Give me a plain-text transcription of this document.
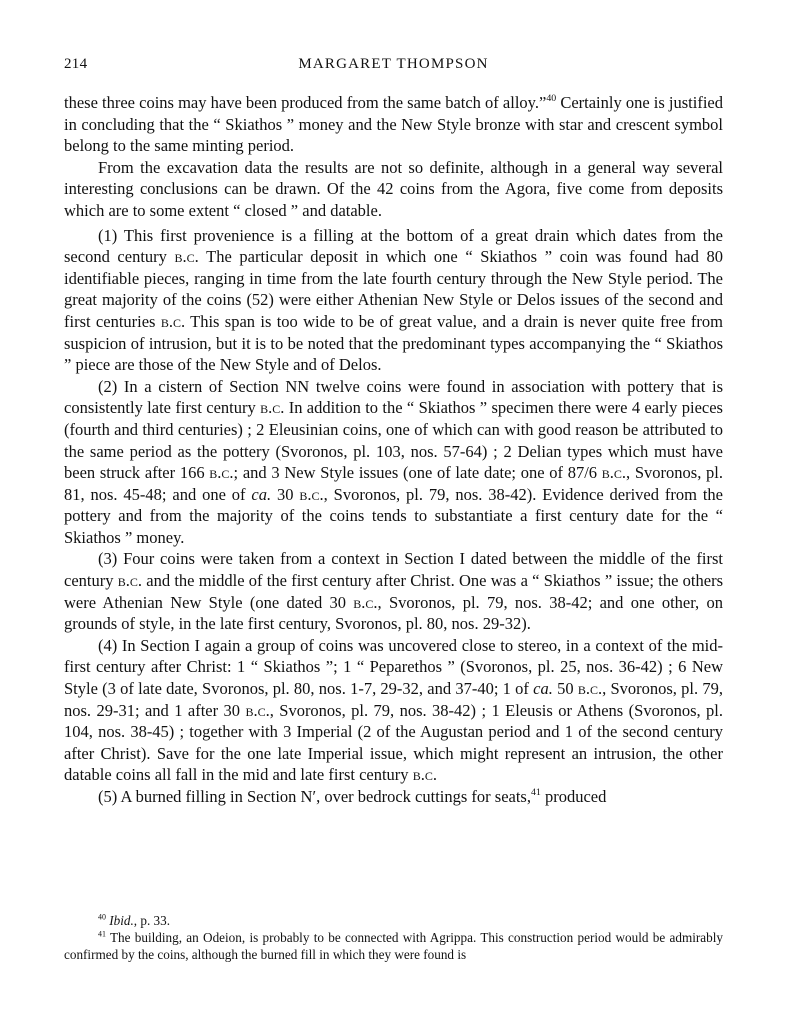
214	MARGARET THOMPSON

these three coins may have been produced from the same batch of alloy.”$^{40}$ Certainly one is justified in concluding that the “ Skiathos ” money and the New Style bronze with star and crescent symbol belong to the same minting period.

From the excavation data the results are not so definite, although in a general way several interesting conclusions can be drawn. Of the 42 coins from the Agora, five come from deposits which are to some extent “ closed ” and datable.

(1) This first provenience is a filling at the bottom of a great drain which dates from the second century b.c. The particular deposit in which one “ Skiathos ” coin was found had 80 identifiable pieces, ranging in time from the late fourth century through the New Style period. The great majority of the coins (52) were either Athenian New Style or Delos issues of the second and first centuries b.c. This span is too wide to be of great value, and a drain is never quite free from suspicion of intrusion, but it is to be noted that the predominant types accompanying the “ Skiathos ” piece are those of the New Style and of Delos.

(2) In a cistern of Section NN twelve coins were found in association with pottery that is consistently late first century b.c. In addition to the “ Skiathos ” specimen there were 4 early pieces (fourth and third centuries) ; 2 Eleusinian coins, one of which can with good reason be attributed to the same period as the pottery (Svoronos, pl. 103, nos. 57-64) ; 2 Delian types which must have been struck after 166 b.c.; and 3 New Style issues (one of late date; one of 87/6 b.c., Svoronos, pl. 81, nos. 45-48; and one of ca. 30 b.c., Svoronos, pl. 79, nos. 38-42). Evidence derived from the pottery and from the majority of the coins tends to substantiate a first century date for the “ Skiathos ” money.

(3) Four coins were taken from a context in Section I dated between the middle of the first century b.c. and the middle of the first century after Christ. One was a “ Skiathos ” issue; the others were Athenian New Style (one dated 30 b.c., Svoronos, pl. 79, nos. 38-42; and one other, on grounds of style, in the late first century, Svoronos, pl. 80, nos. 29-32).

(4) In Section I again a group of coins was uncovered close to stereo, in a context of the mid-first century after Christ: 1 “ Skiathos ”; 1 “ Peparethos ” (Svoronos, pl. 25, nos. 36-42) ; 6 New Style (3 of late date, Svoronos, pl. 80, nos. 1-7, 29-32, and 37-40; 1 of ca. 50 b.c., Svoronos, pl. 79, nos. 29-31; and 1 after 30 b.c., Svoronos, pl. 79, nos. 38-42) ; 1 Eleusis or Athens (Svoronos, pl. 104, nos. 38-45) ; together with 3 Imperial (2 of the Augustan period and 1 of the second century after Christ). Save for the one late Imperial issue, which might represent an intrusion, the other datable coins all fall in the mid and late first century b.c.

(5) A burned filling in Section N′, over bedrock cuttings for seats,$^{41}$ produced

$^{40}$ Ibid., p. 33.

$^{41}$ The building, an Odeion, is probably to be connected with Agrippa. This construction period would be admirably confirmed by the coins, although the burned fill in which they were found is
